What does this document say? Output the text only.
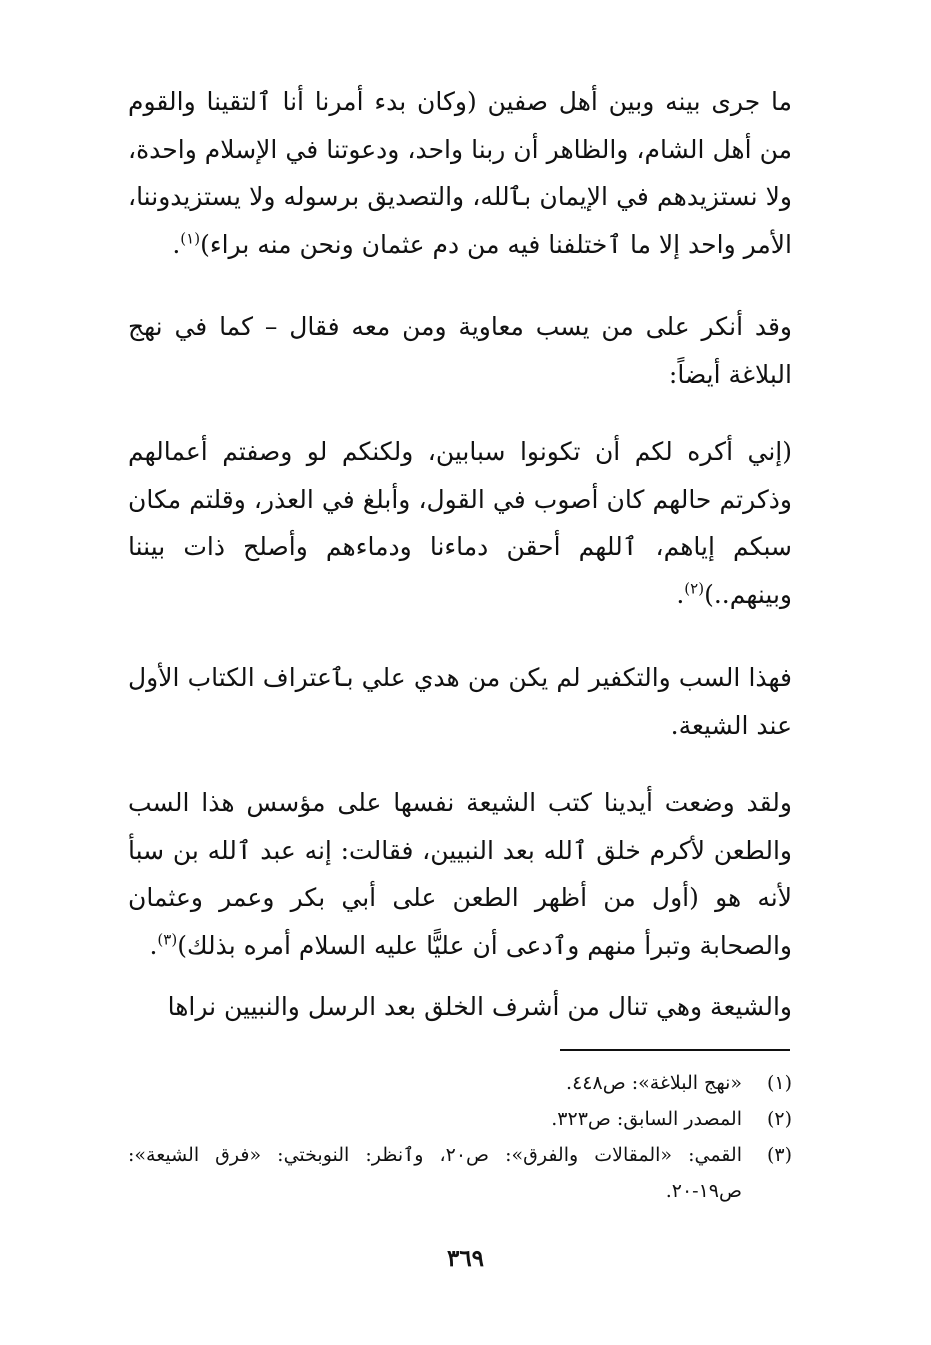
ما جرى بينه وبين أهل صفين (وكان بدء أمرنا أنا ٱلتقينا والقوم من أهل الشام، والظاهر أن ربنا واحد، ودعوتنا في الإسلام واحدة، ولا نستزيدهم في الإيمان بٱلله، والتصديق برسوله ولا يستزيدوننا، الأمر واحد إلا ما ٱختلفنا فيه من دم عثمان ونحن منه براء)$^{(١)}$.

وقد أنكر على من يسب معاوية ومن معه فقال – كما في نهج البلاغة أيضاً:

(إني أكره لكم أن تكونوا سبابين، ولكنكم لو وصفتم أعمالهم وذكرتم حالهم كان أصوب في القول، وأبلغ في العذر، وقلتم مكان سبكم إياهم، ٱللهم أحقن دماءنا ودماءهم وأصلح ذات بيننا وبينهم..)$^{(٢)}$.

فهذا السب والتكفير لم يكن من هدي علي بٱعتراف الكتاب الأول عند الشيعة.

ولقد وضعت أيدينا كتب الشيعة نفسها على مؤسس هذا السب والطعن لأكرم خلق ٱلله بعد النبيين، فقالت: إنه عبد ٱلله بن سبأ لأنه هو (أول من أظهر الطعن على أبي بكر وعمر وعثمان والصحابة وتبرأ منهم وٱدعى أن عليًّا عليه السلام أمره بذلك)$^{(٣)}$.

والشيعة وهي تنال من أشرف الخلق بعد الرسل والنبيين نراها

(١)
«نهج البلاغة»: ص٤٤٨.
(٢)
المصدر السابق: ص٣٢٣.
(٣)
القمي: «المقالات والفرق»: ص٢٠، وٱنظر: النوبختي: «فرق الشيعة»: ص١٩-٢٠.
٣٦٩
